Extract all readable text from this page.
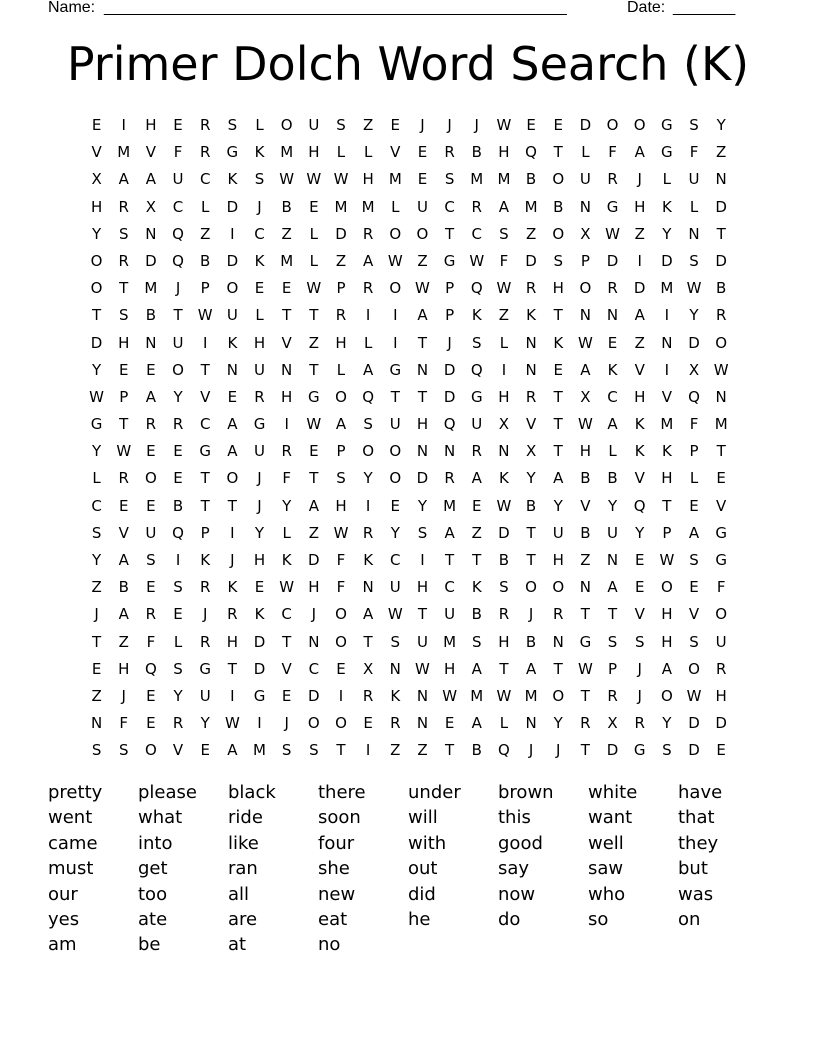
Name: ____________________________________________________	Date: _______
Primer Dolch Word Search (K)
E	I	H	E	R	S	L	O	U	S	Z	E	J	J	J	W E	E	D	O	O	G	S	Y
V	M	V	F	R	G	K	M	H	L	L	V	E	R	B	H	Q	T	L	F	A	G	F	Z
X	A	A	U	C	K	S W W W H	M	E	S	M M	B	O	U	R	J	L	U	N
H	R	X	C	L	D	J	B	E	M M	L	U	C	R	A	M	B	N	G	H	K	L	D
Y	S	N	Q	Z	I	C	Z	L	D	R	O	O	T	C	S	Z	O	X W Z	Y	N	T
O	R	D	Q	B	D	K	M	L	Z	A W Z	G W	F	D	S	P	D	I	D	S	D
O	T	M	J	P	O	E	E	W	P	R	O W	P	Q W R	H	O	R	D M W B
T	S	B	T	W U	L	T	T	R	I	I	A	P	K	Z	K	T	N	N	A	I	Y	R
D	H	N	U	I	K	H	V	Z	H	L	I	T	J	S	L	N	K W E	Z	N	D	O
Y	E	E	O	T	N	U	N	T	L	A	G	N	D	Q	I	N	E	A	K	V	I	X W
W	P	A	Y	V	E	R	H	G	O	Q	T	T	D	G	H	R	T	X	C	H	V	Q	N
G	T	R	R	C	A	G	I	W A	S	U	H	Q	U	X	V	T	W A	K	M	F	M
Y	W E	E	G	A	U	R	E	P	O	O	N	N	R	N	X	T	H	L	K	K	P	T
L	R	O	E	T	O	J	F	T	S	Y	O	D	R	A	K	Y	A	B	B	V	H	L	E
C	E	E	B	T	T	J	Y	A	H	I	E	Y	M	E	W B	Y	V	Y	Q	T	E	V
S	V	U	Q	P	I	Y	L	Z W R	Y	S	A	Z	D	T	U	B	U	Y	P	A	G
Y	A	S	I	K	J	H	K	D	F	K	C	I	T	T	B	T	H	Z	N	E	W S	G
Z	B	E	S	R	K	E	W H	F	N	U	H	C	K	S	O	O	N	A	E	O	E	F
J	A	R	E	J	R	K	C	J	O	A W	T	U	B	R	J	R	T	T	V	H	V	O
T	Z	F	L	R	H	D	T	N	O	T	S	U	M	S	H	B	N	G	S	S	H	S	U
E	H	Q	S	G	T	D	V	C	E	X	N W H	A	T	A	T	W	P	J	A	O	R
Z	J	E	Y	U	I	G	E	D	I	R	K	N W M W M O	T	R	J	O W H
N	F	E	R	Y	W	I	J	O	O	E	R	N	E	A	L	N	Y	R	X	R	Y	D	D
S	S	O	V	E	A	M	S	S	T	I	Z	Z	T	B	Q	J	J	T	D	G	S	D	E
pretty	please	black	there	under	brown	white	have
went	what	ride	soon	will	this	want	that
came	into	like	four	with	good	well	they
must	get	ran	she	out	say	saw	but
our	too	all	new	did	now	who	was
yes	ate	are	eat	he	do	so	on
am	be	at	no
